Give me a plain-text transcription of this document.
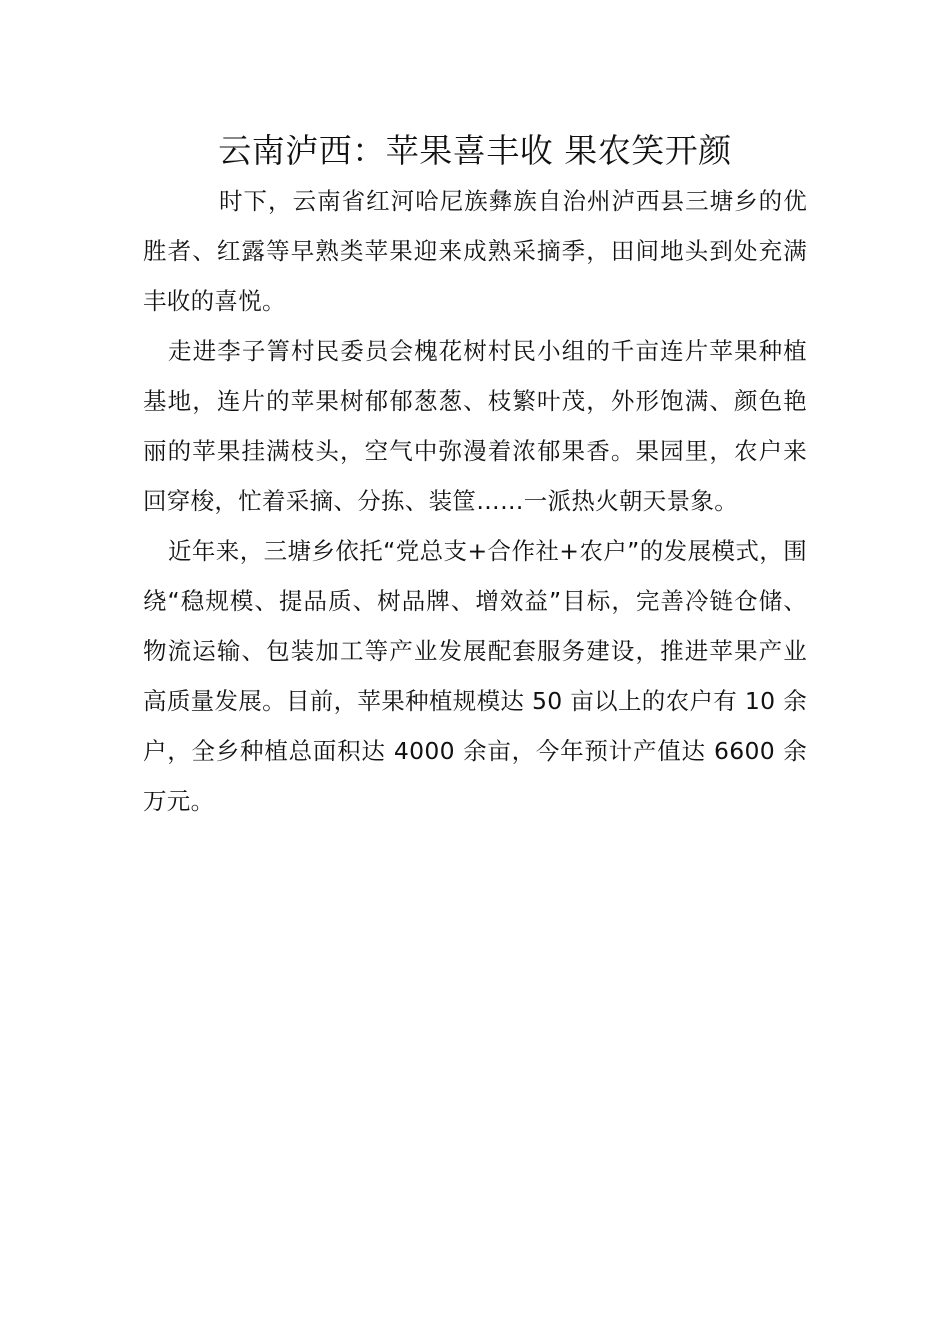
云南泸西：苹果喜丰收 果农笑开颜

时下，云南省红河哈尼族彝族自治州泸西县三塘乡的优胜者、红露等早熟类苹果迎来成熟采摘季，田间地头到处充满丰收的喜悦。

走进李子箐村民委员会槐花树村民小组的千亩连片苹果种植基地，连片的苹果树郁郁葱葱、枝繁叶茂，外形饱满、颜色艳丽的苹果挂满枝头，空气中弥漫着浓郁果香。果园里，农户来回穿梭，忙着采摘、分拣、装筐……一派热火朝天景象。

近年来，三塘乡依托“党总支+合作社+农户”的发展模式，围绕“稳规模、提品质、树品牌、增效益”目标，完善冷链仓储、物流运输、包装加工等产业发展配套服务建设，推进苹果产业高质量发展。目前，苹果种植规模达 50 亩以上的农户有 10 余户，全乡种植总面积达 4000 余亩，今年预计产值达 6600 余万元。
